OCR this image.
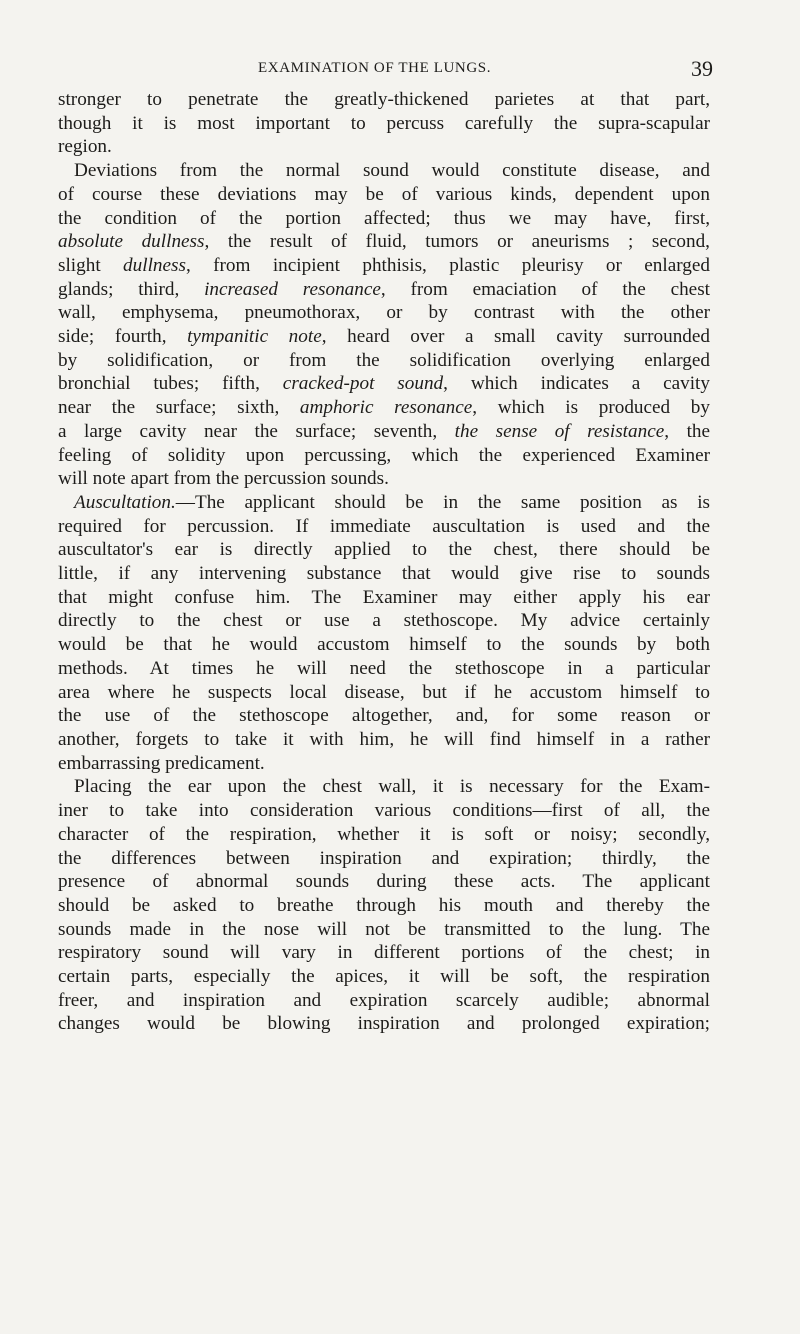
EXAMINATION OF THE LUNGS.	39
stronger to penetrate the greatly-thickened parietes at that part,
though it is most important to percuss carefully the supra-scapular
region.
Deviations from the normal sound would constitute disease, and
of course these deviations may be of various kinds, dependent upon
the condition of the portion affected; thus we may have, first,
absolute dullness, the result of fluid, tumors or aneurisms ; second,
slight dullness, from incipient phthisis, plastic pleurisy or enlarged
glands; third, increased resonance, from emaciation of the chest
wall, emphysema, pneumothorax, or by contrast with the other
side; fourth, tympanitic note, heard over a small cavity surrounded
by solidification, or from the solidification overlying enlarged
bronchial tubes; fifth, cracked-pot sound, which indicates a cavity
near the surface; sixth, amphoric resonance, which is produced by
a large cavity near the surface; seventh, the sense of resistance, the
feeling of solidity upon percussing, which the experienced Examiner
will note apart from the percussion sounds.
Auscultation.—The applicant should be in the same position as is
required for percussion. If immediate auscultation is used and the
auscultator's ear is directly applied to the chest, there should be
little, if any intervening substance that would give rise to sounds
that might confuse him. The Examiner may either apply his ear
directly to the chest or use a stethoscope. My advice certainly
would be that he would accustom himself to the sounds by both
methods. At times he will need the stethoscope in a particular
area where he suspects local disease, but if he accustom himself to
the use of the stethoscope altogether, and, for some reason or
another, forgets to take it with him, he will find himself in a rather
embarrassing predicament.
Placing the ear upon the chest wall, it is necessary for the Exam-
iner to take into consideration various conditions—first of all, the
character of the respiration, whether it is soft or noisy; secondly,
the differences between inspiration and expiration; thirdly, the
presence of abnormal sounds during these acts. The applicant
should be asked to breathe through his mouth and thereby the
sounds made in the nose will not be transmitted to the lung. The
respiratory sound will vary in different portions of the chest; in
certain parts, especially the apices, it will be soft, the respiration
freer, and inspiration and expiration scarcely audible; abnormal
changes would be blowing inspiration and prolonged expiration;
